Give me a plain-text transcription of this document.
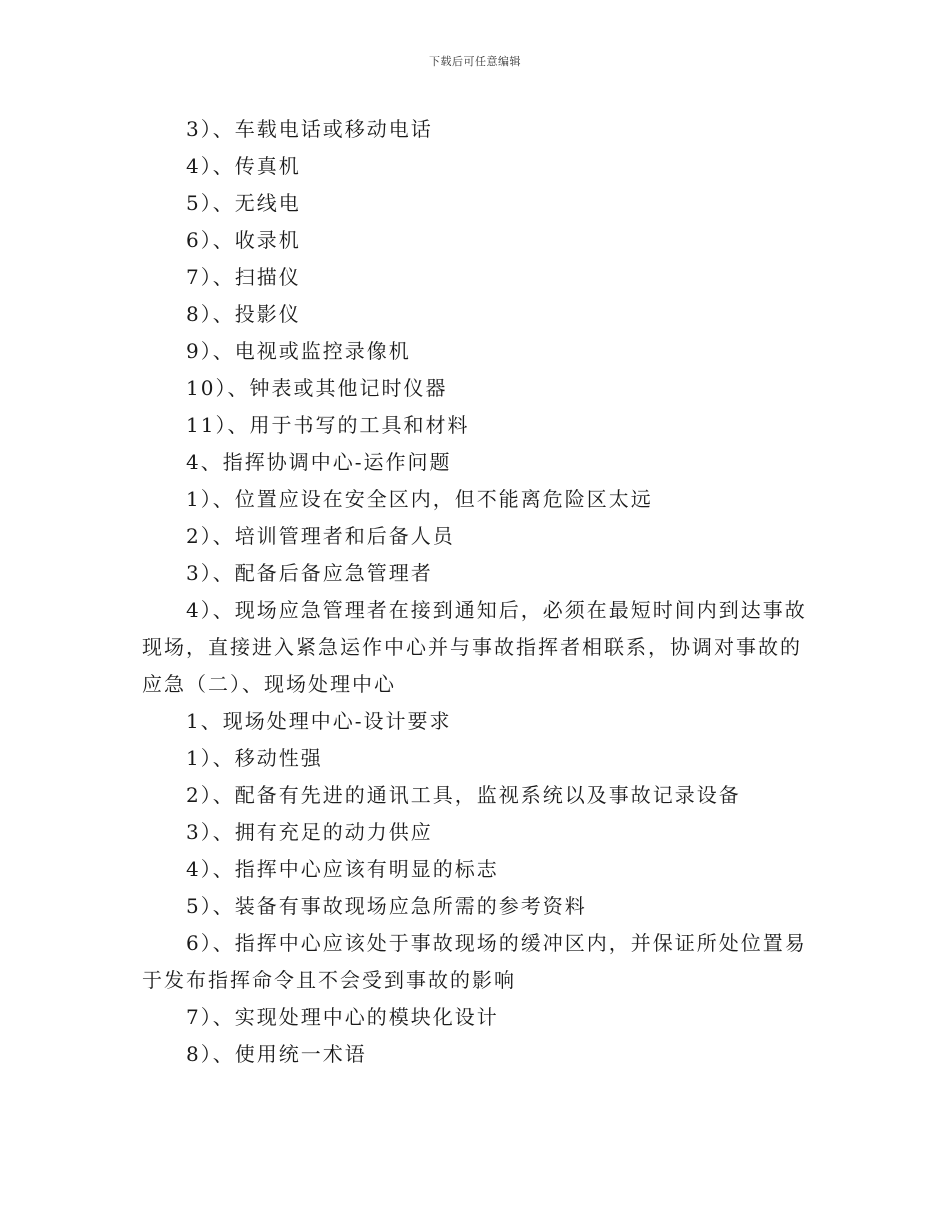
下载后可任意编辑
3）、车载电话或移动电话
4）、传真机
5）、无线电
6）、收录机
7）、扫描仪
8）、投影仪
9）、电视或监控录像机
10）、钟表或其他记时仪器
11）、用于书写的工具和材料
4、指挥协调中心-运作问题
1）、位置应设在安全区内，但不能离危险区太远
2）、培训管理者和后备人员
3）、配备后备应急管理者
4）、现场应急管理者在接到通知后，必须在最短时间内到达事故
现场，直接进入紧急运作中心并与事故指挥者相联系，协调对事故的
应急（二）、现场处理中心
1、现场处理中心-设计要求
1）、移动性强
2）、配备有先进的通讯工具，监视系统以及事故记录设备
3）、拥有充足的动力供应
4）、指挥中心应该有明显的标志
5）、装备有事故现场应急所需的参考资料
6）、指挥中心应该处于事故现场的缓冲区内，并保证所处位置易
于发布指挥命令且不会受到事故的影响
7）、实现处理中心的模块化设计
8）、使用统一术语
